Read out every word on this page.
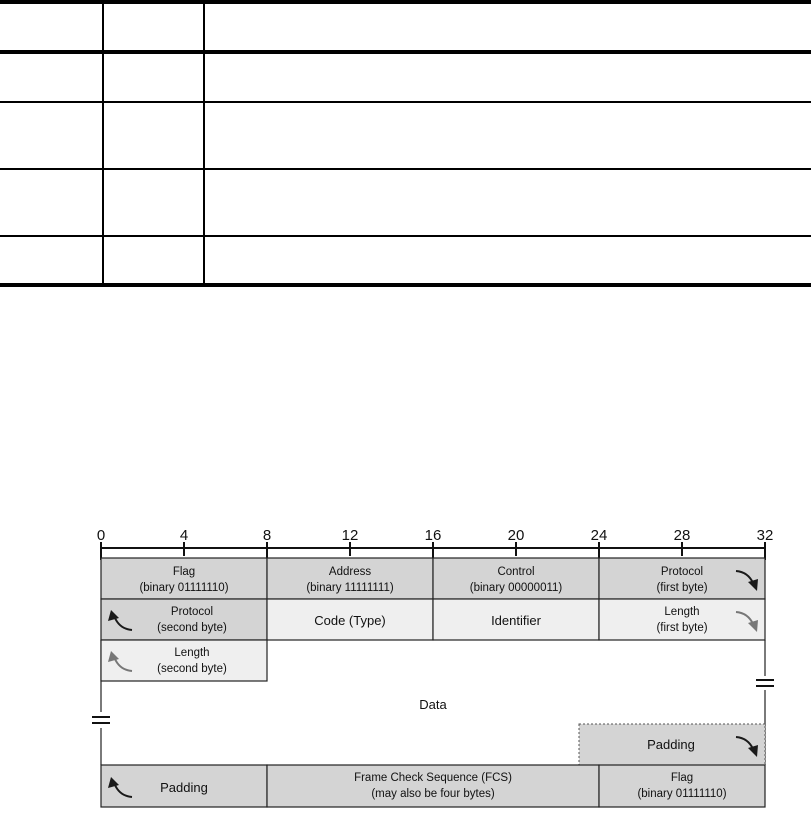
0	4	8	12	16	20	24	28	32
Flag
(binary 01111110)
Address
(binary 11111111)
Control
(binary 00000011)
Protocol
(first byte)
Protocol
(second byte)	Code (Type)	Identifier
Length
(first byte)
Length
(second byte)
Data
Padding
Padding
Frame Check Sequence (FCS)
(may also be four bytes)
Flag
(binary 01111110)
